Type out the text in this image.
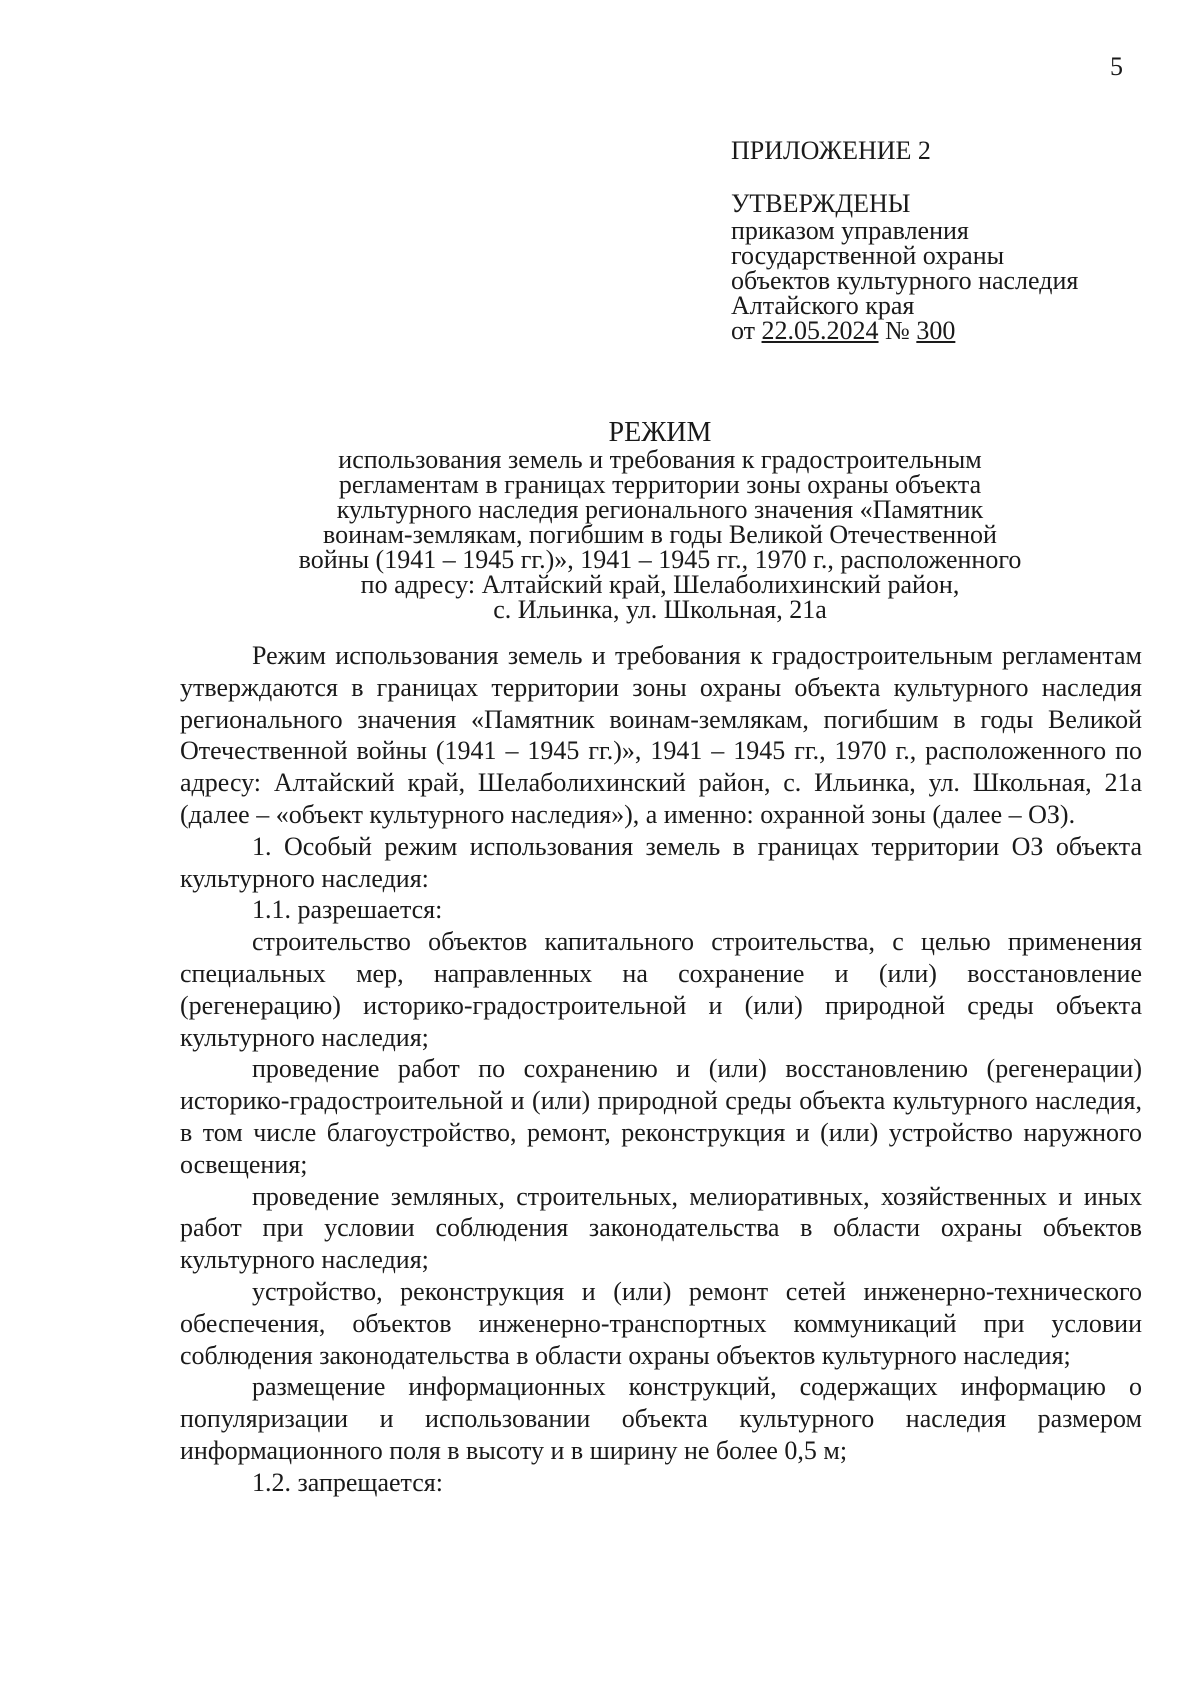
5
ПРИЛОЖЕНИЕ 2
УТВЕРЖДЕНЫ
приказом управления
государственной охраны
объектов культурного наследия
Алтайского края
от 22.05.2024 № 300
РЕЖИМ
использования земель и требования к градостроительным
регламентам в границах территории зоны охраны объекта
культурного наследия регионального значения «Памятник
воинам-землякам, погибшим в годы Великой Отечественной
войны (1941 – 1945 гг.)», 1941 – 1945 гг., 1970 г., расположенного
по адресу: Алтайский край, Шелаболихинский район,
с. Ильинка, ул. Школьная, 21а

Режим использования земель и требования к градостроительным регламентам утверждаются в границах территории зоны охраны объекта культурного наследия регионального значения «Памятник воинам-землякам, погибшим в годы Великой Отечественной войны (1941 – 1945 гг.)», 1941 – 1945 гг., 1970 г., расположенного по адресу: Алтайский край, Шелаболихинский район, с. Ильинка, ул. Школьная, 21а (далее – «объект культурного наследия»), а именно: охранной зоны (далее – ОЗ).

1. Особый режим использования земель в границах территории ОЗ объекта культурного наследия:

1.1. разрешается:

строительство объектов капитального строительства, с целью применения специальных мер, направленных на сохранение и (или) восстановление (регенерацию) историко-градостроительной и (или) природной среды объекта культурного наследия;

проведение работ по сохранению и (или) восстановлению (регенерации) историко-градостроительной и (или) природной среды объекта культурного наследия, в том числе благоустройство, ремонт, реконструкция и (или) устройство наружного освещения;

проведение земляных, строительных, мелиоративных, хозяйственных и иных работ при условии соблюдения законодательства в области охраны объектов культурного наследия;

устройство, реконструкция и (или) ремонт сетей инженерно-технического обеспечения, объектов инженерно-транспортных коммуникаций при условии соблюдения законодательства в области охраны объектов культурного наследия;

размещение информационных конструкций, содержащих информацию о популяризации и использовании объекта культурного наследия размером информационного поля в высоту и в ширину не более 0,5 м;

1.2. запрещается:
